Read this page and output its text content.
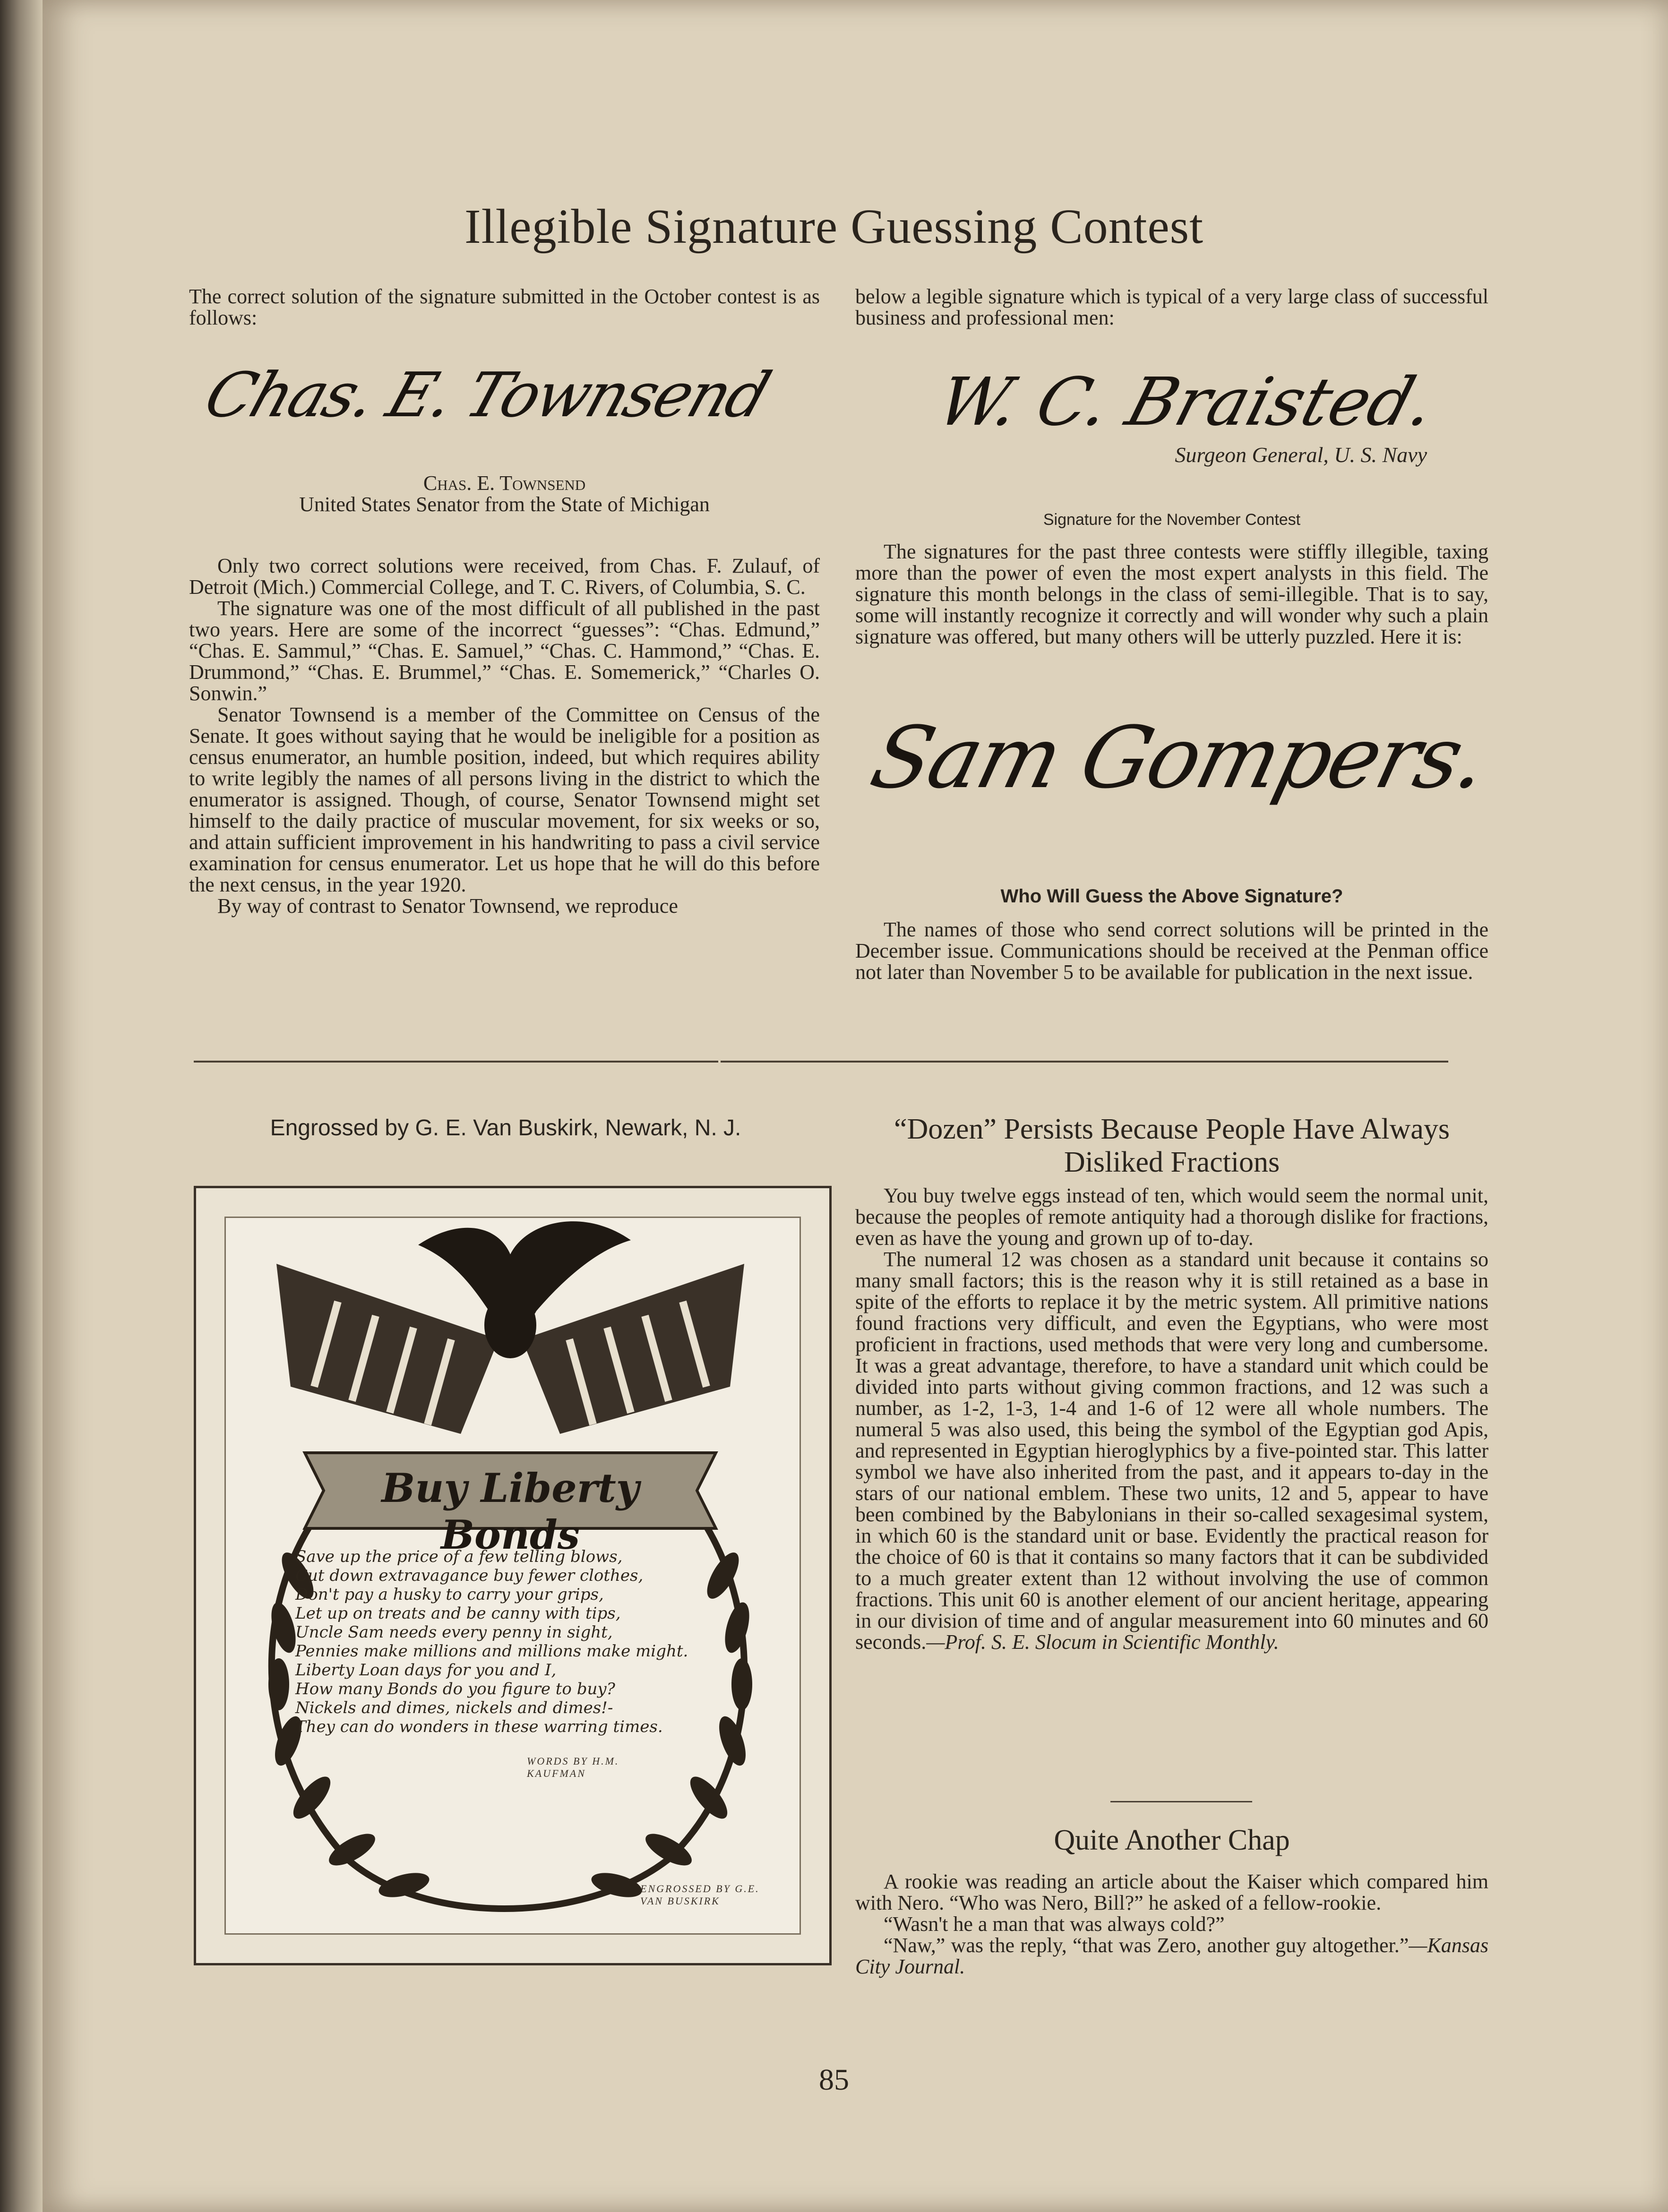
Illegible Signature Guessing Contest

The correct solution of the signature submitted in the October contest is as follows:

Chas. E. Townsend
Chas. E. Townsend
United States Senator from the State of Michigan

Only two correct solutions were received, from Chas. F. Zulauf, of Detroit (Mich.) Commercial College, and T. C. Rivers, of Columbia, S. C.

The signature was one of the most difficult of all published in the past two years. Here are some of the incorrect “guesses”: “Chas. Edmund,” “Chas. E. Sammul,” “Chas. E. Samuel,” “Chas. C. Hammond,” “Chas. E. Drummond,” “Chas. E. Brummel,” “Chas. E. Somemerick,” “Charles O. Sonwin.”

Senator Townsend is a member of the Committee on Census of the Senate. It goes without saying that he would be ineligible for a position as census enumerator, an humble position, indeed, but which requires ability to write legibly the names of all persons living in the district to which the enumerator is assigned. Though, of course, Senator Townsend might set himself to the daily practice of muscular movement, for six weeks or so, and attain sufficient improvement in his handwriting to pass a civil service examination for census enumerator. Let us hope that he will do this before the next census, in the year 1920.

By way of contrast to Senator Townsend, we reproduce

below a legible signature which is typical of a very large class of successful business and professional men:

W. C. Braisted.
Surgeon General, U. S. Navy
Signature for the November Contest

The signatures for the past three contests were stiffly illegible, taxing more than the power of even the most expert analysts in this field. The signature this month belongs in the class of semi-illegible. That is to say, some will instantly recognize it correctly and will wonder why such a plain signature was offered, but many others will be utterly puzzled. Here it is:

Sam Gompers.
Who Will Guess the Above Signature?

The names of those who send correct solutions will be printed in the December issue. Communications should be received at the Penman office not later than November 5 to be available for publication in the next issue.

Engrossed by G. E. Van Buskirk, Newark, N. J.
Buy Liberty Bonds
Save up the price of a few telling blows,
Cut down extravagance buy fewer clothes,
Don't pay a husky to carry your grips,
Let up on treats and be canny with tips,
Uncle Sam needs every penny in sight,
Pennies make millions and millions make might.
Liberty Loan days for you and I,
How many Bonds do you figure to buy?
Nickels and dimes, nickels and dimes!-
They can do wonders in these warring times.
WORDS BY H.M. KAUFMAN
ENGROSSED BY G.E. VAN BUSKIRK
“Dozen” Persists Because People Have Always Disliked Fractions

You buy twelve eggs instead of ten, which would seem the normal unit, because the peoples of remote antiquity had a thorough dislike for fractions, even as have the young and grown up of to-day.

The numeral 12 was chosen as a standard unit because it contains so many small factors; this is the reason why it is still retained as a base in spite of the efforts to replace it by the metric system. All primitive nations found fractions very difficult, and even the Egyptians, who were most proficient in fractions, used methods that were very long and cumbersome. It was a great advantage, therefore, to have a standard unit which could be divided into parts without giving common fractions, and 12 was such a number, as 1-2, 1-3, 1-4 and 1-6 of 12 were all whole numbers. The numeral 5 was also used, this being the symbol of the Egyptian god Apis, and represented in Egyptian hieroglyphics by a five-pointed star. This latter symbol we have also inherited from the past, and it appears to-day in the stars of our national emblem. These two units, 12 and 5, appear to have been combined by the Babylonians in their so-called sexagesimal system, in which 60 is the standard unit or base. Evidently the practical reason for the choice of 60 is that it contains so many factors that it can be subdivided to a much greater extent than 12 without involving the use of common fractions. This unit 60 is another element of our ancient heritage, appearing in our division of time and of angular measurement into 60 minutes and 60 seconds.—Prof. S. E. Slocum in Scientific Monthly.

Quite Another Chap

A rookie was reading an article about the Kaiser which compared him with Nero. “Who was Nero, Bill?” he asked of a fellow-rookie.

“Wasn't he a man that was always cold?”

“Naw,” was the reply, “that was Zero, another guy altogether.”—Kansas City Journal.

85
